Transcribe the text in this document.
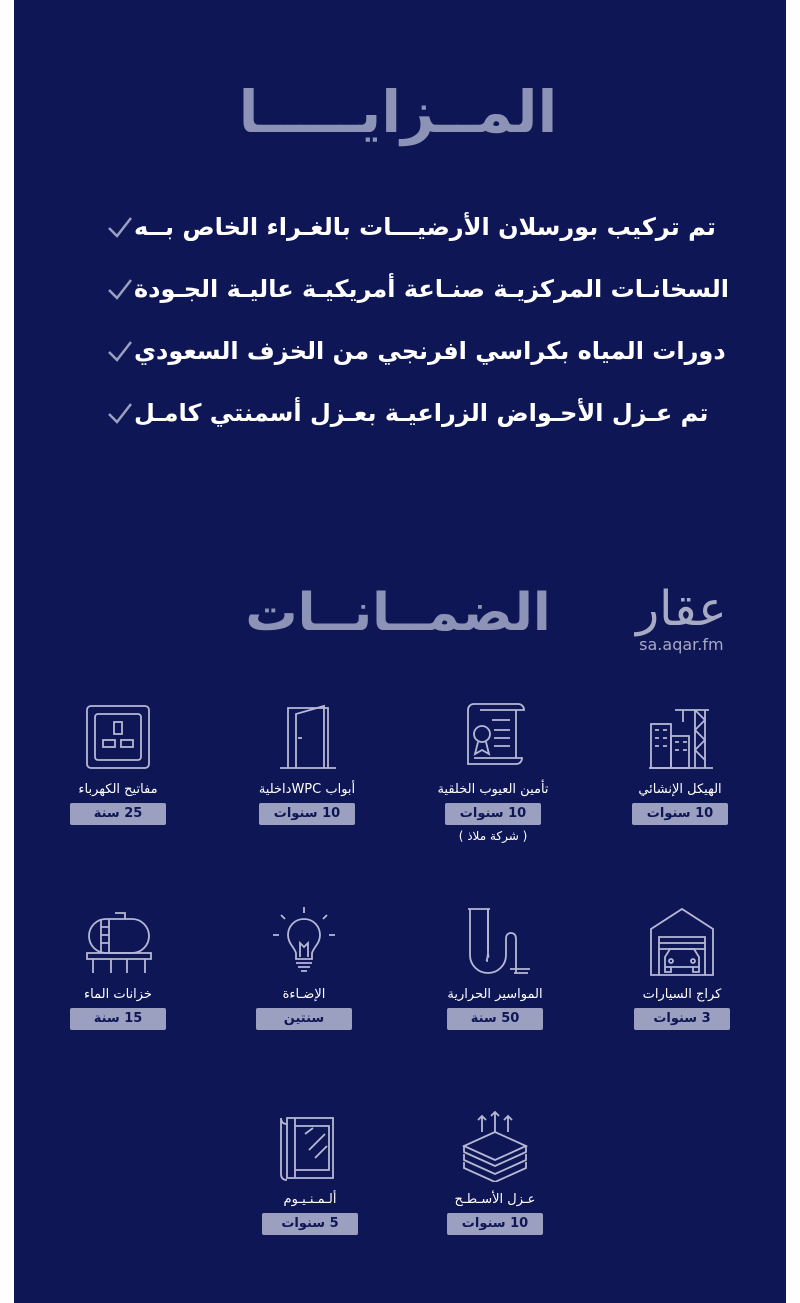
المــزايـــــا
تم تركيب بورسلان الأرضيـــات بالغـراء الخاص بــه
السخانـات المركزيـة صنـاعة أمريكيـة عاليـة الجـودة
دورات المياه بكراسي افرنجي من الخزف السعودي
تم عـزل الأحـواض الزراعيـة بعـزل أسمنتي كامـل
الضمــانــات	عقار
sa.aqar.fm
الهيكل الإنشائي
10 سنوات
تأمين العيوب الخلقية
10 سنوات
( شركة ملاذ )
أبواب WPCداخلية
10 سنوات
مفاتيح الكهرباء
25 سنة
كراج السيارات
3 سنوات
المواسير الحرارية
50 سنة
الإضـاءة
سنتين
خزانات الماء
15 سنة
عـزل الأسـطـح
10 سنوات
ألـمـنـيـوم
5 سنوات
